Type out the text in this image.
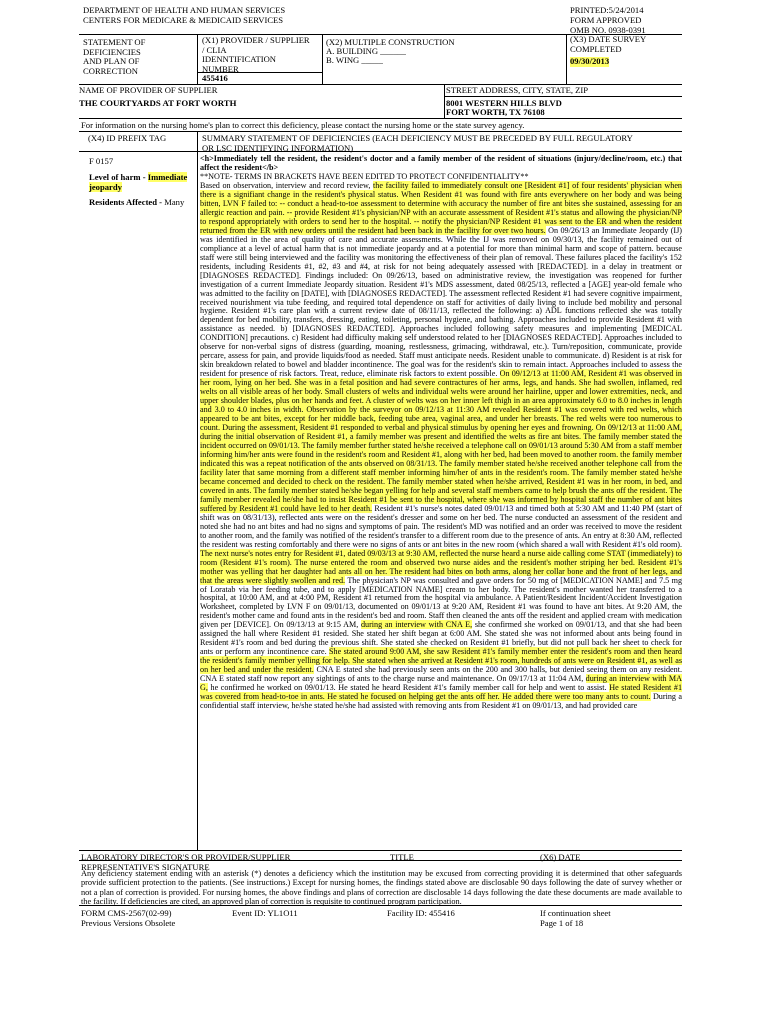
DEPARTMENT OF HEALTH AND HUMAN SERVICES
CENTERS FOR MEDICARE & MEDICAID SERVICES
PRINTED:5/24/2014
FORM APPROVED
OMB NO. 0938-0391
STATEMENT OF
DEFICIENCIES
AND PLAN OF
CORRECTION
(X1) PROVIDER / SUPPLIER
/ CLIA
IDENNTIFICATION
NUMBER
455416
(X2) MULTIPLE CONSTRUCTION
A. BUILDING ______
B. WING _____
(X3) DATE SURVEY
COMPLETED
09/30/2013
NAME OF PROVIDER OF SUPPLIER
THE COURTYARDS AT FORT WORTH
STREET ADDRESS, CITY, STATE, ZIP
8001 WESTERN HILLS BLVD
FORT WORTH, TX 76108
For information on the nursing home's plan to correct this deficiency, please contact the nursing home or the state survey agency.
(X4) ID PREFIX TAG	SUMMARY STATEMENT OF DEFICIENCIES (EACH DEFICIENCY MUST BE PRECEDED BY FULL REGULATORY
OR LSC IDENTIFYING INFORMATION)
F 0157
Level of harm - Immediate jeopardy
Residents Affected - Many

<h>Immediately tell the resident, the resident's doctor and a family member of the resident of situations (injury/decline/room, etc.) that affect the resident</b>

**NOTE- TERMS IN BRACKETS HAVE BEEN EDITED TO PROTECT CONFIDENTIALITY**

Based on observation, interview and record review, the facility failed to immediately consult one [Resident #1] of four residents' physician when there is a signifiant change in the resident's physical status. When Resident #1 was found with fire ants everywhere on her body and was being bitten, LVN F failed to: -- conduct a head-to-toe assessment to determine with accuracy the number of fire ant bites she sustained, assessing for an allergic reaction and pain. -- provide Resident #1's physician/NP with an accurate assessment of Resident #1's status and allowing the physician/NP to respond appropriately with orders to send her to the hospital. -- notify the physician/NP Resident #1 was sent to the ER and when the resident returned from the ER with new orders until the resident had been back in the facility for over two hours. On 09/26/13 an Immediate Jeopardy (IJ) was identified in the area of quality of care and accurate assessments. While the IJ was removed on 09/30/13, the facility remained out of compliance at a level of actual harm that is not immediate jeopardy and at a potential for more than minimal harm and scope of pattern. because staff were still being interviewed and the facility was monitoring the effectiveness of their plan of removal. These failures placed the facility's 152 residents, including Residents #1, #2, #3 and #4, at risk for not being adequately assessed with [REDACTED]. in a delay in treatment or [DIAGNOSES REDACTED]. Findings included: On 09/26/13, based on administrative review, the investigation was reopened for further investigation of a current Immediate Jeopardy situation. Resident #1's MDS assessment, dated 08/25/13, reflected a [AGE] year-old female who was admitted to the facility on [DATE], with [DIAGNOSES REDACTED]. The assessment reflected Resident #1 had severe cognitive impairment, received nourishment via tube feeding, and required total dependence on staff for activities of daily living to include bed mobility and personal hygiene. Resident #1's care plan with a current review date of 08/11/13, reflected the following: a) ADL functions reflected she was totally dependent for bed mobility, transfers, dressing, eating, toileting, personal hygiene, and bathing. Approaches included to provide Resident #1 with assistance as needed. b) [DIAGNOSES REDACTED]. Approaches included following safety measures and implementing [MEDICAL CONDITION] precautions. c) Resident had difficulty making self understood related to her [DIAGNOSES REDACTED]. Approaches included to observe for non-verbal signs of distress (guarding, moaning, restlessness, grimacing, withdrawal, etc.). Turn/reposition, communicate, provide percare, assess for pain, and provide liquids/food as needed. Staff must anticipate needs. Resident unable to communicate. d) Resident is at risk for skin breakdown related to bowel and bladder incontinence. The goal was for the resident's skin to remain intact. Approaches included to assess the resident for presence of risk factors. Treat, reduce, eliminate risk factors to extent possible. On 09/12/13 at 11:00 AM, Resident #1 was observed in her room, lying on her bed. She was in a fetal position and had severe contractures of her arms, legs, and hands. She had swollen, inflamed, red welts on all visible areas of her body. Small clusters of welts and individual welts were around her hairline, upper and lower extremities, neck, and upper shoulder blades, plus on her hands and feet. A cluster of welts was on her inner left thigh in an area approximately 6.0 to 8.0 inches in length and 3.0 to 4.0 inches in width. Observation by the surveyor on 09/12/13 at 11:30 AM revealed Resident #1 was covered with red welts, which appeared to be ant bites, except for her middle back, feeding tube area, vaginal area, and under her breasts. The red welts were too numerous to count. During the assessment, Resident #1 responded to verbal and physical stimulus by opening her eyes and frowning. On 09/12/13 at 11:00 AM, during the initial observation of Resident #1, a family member was present and identified the welts as fire ant bites. The family member stated the incident occurred on 09/01/13. The family member further stated he/she received a telephone call on 09/01/13 around 5:30 AM from a staff member informing him/her ants were found in the resident's room and Resident #1, along with her bed, had been moved to another room. the family member indicated this was a repeat notification of the ants observed on 08/31/13. The family member stated he/she received another telephone call from the facility later that same morning from a different staff member informing him/her of ants in the resident's room. The family member stated he/she became concerned and decided to check on the resident. The family member stated when he/she arrived, Resident #1 was in her room, in bed, and covered in ants. The family member stated he/she began yelling for help and several staff members came to help brush the ants off the resident. The family member revealed he/she had to insist Resident #1 be sent to the hospital, where she was informed by hospital staff the number of ant bites suffered by Resident #1 could have led to her death. Resident #1's nurse's notes dated 09/01/13 and timed both at 5:30 AM and 11:40 PM (start of shift was on 08/31/13), reflected ants were on the resident's dresser and some on her bed. The nurse conducted an assessment of the resident and noted she had no ant bites and had no signs and symptoms of pain. The resident's MD was notified and an order was received to move the resident to another room, and the family was notified of the resident's transfer to a different room due to the presence of ants. An entry at 8:30 AM, reflected the resident was resting comfortably and there were no signs of ants or ant bites in the new room (which shared a wall with Resident #1's old room). The next nurse's notes entry for Resident #1, dated 09/03/13 at 9:30 AM, reflected the nurse heard a nurse aide calling come STAT (immediately) to room (Resident #1's room). The nurse entered the room and observed two nurse aides and the resident's mother striping her bed. Resident #1's mother was yelling that her daughter had ants all on her. The resident had bites on both arms, along her collar bone and the front of her legs, and that the areas were slightly swollen and red. The physician's NP was consulted and gave orders for 50 mg of [MEDICATION NAME] and 7.5 mg of Loratab via her feeding tube, and to apply [MEDICATION NAME] cream to her body. The resident's mother wanted her transferred to a hospital, at 10:00 AM, and at 4:00 PM, Resident #1 returned from the hospital via ambulance. A Patient/Resident Incident/Accident Investigation Worksheet, completed by LVN F on 09/01/13, documented on 09/01/13 at 9:20 AM, Resident #1 was found to have ant bites. At 9:20 AM, the resident's mother came and found ants in the resident's bed and room. Staff then cleaned the ants off the resident and applied cream with medication given per [DEVICE]. On 09/13/13 at 9:15 AM, during an interview with CNA E, she confirmed she worked on 09/01/13, and that she had been assigned the hall where Resident #1 resided. She stated her shift began at 6:00 AM. She stated she was not informed about ants being found in Resident #1's room and bed during the previous shift. She stated she checked on Resident #1 briefly, but did not pull back her sheet to check for ants or perform any incontinence care. She stated around 9:00 AM, she saw Resident #1's family member enter the resident's room and then heard the resident's family member yelling for help. She stated when she arrived at Resident #1's room, hundreds of ants were on Resident #1, as well as on her bed and under the resident. CNA E stated she had previously seen ants on the 200 and 300 halls, but denied seeing them on any resident. CNA E stated staff now report any sightings of ants to the charge nurse and maintenance. On 09/17/13 at 11:04 AM, during an interview with MA G, he confirmed he worked on 09/01/13. He stated he heard Resident #1's family member call for help and went to assist. He stated Resident #1 was covered from head-to-toe in ants. He stated he focused on helping get the ants off her. He added there were too many ants to count. During a confidential staff interview, he/she stated he/she had assisted with removing ants from Resident #1 on 09/01/13, and had provided care

LABORATORY DIRECTOR'S OR PROVIDER/SUPPLIER REPRESENTATIVE'S SIGNATURE
TITLE	(X6) DATE
Any deficiency statement ending with an asterisk (*) denotes a deficiency which the institution may be excused from correcting providing it is determined that other safeguards provide sufficient protection to the patients. (See instructions.) Except for nursing homes, the findings stated above are disclosable 90 days following the date of survey whether or not a plan of correction is provided. For nursing homes, the above findings and plans of correction are disclosable 14 days following the date these documents are made available to the facility. If deficiencies are cited, an approved plan of correction is requisite to continued program participation.
FORM CMS-2567(02-99)
Previous Versions Obsolete
Event ID: YL1O11	Facility ID: 455416	If continuation sheet
Page 1 of 18
